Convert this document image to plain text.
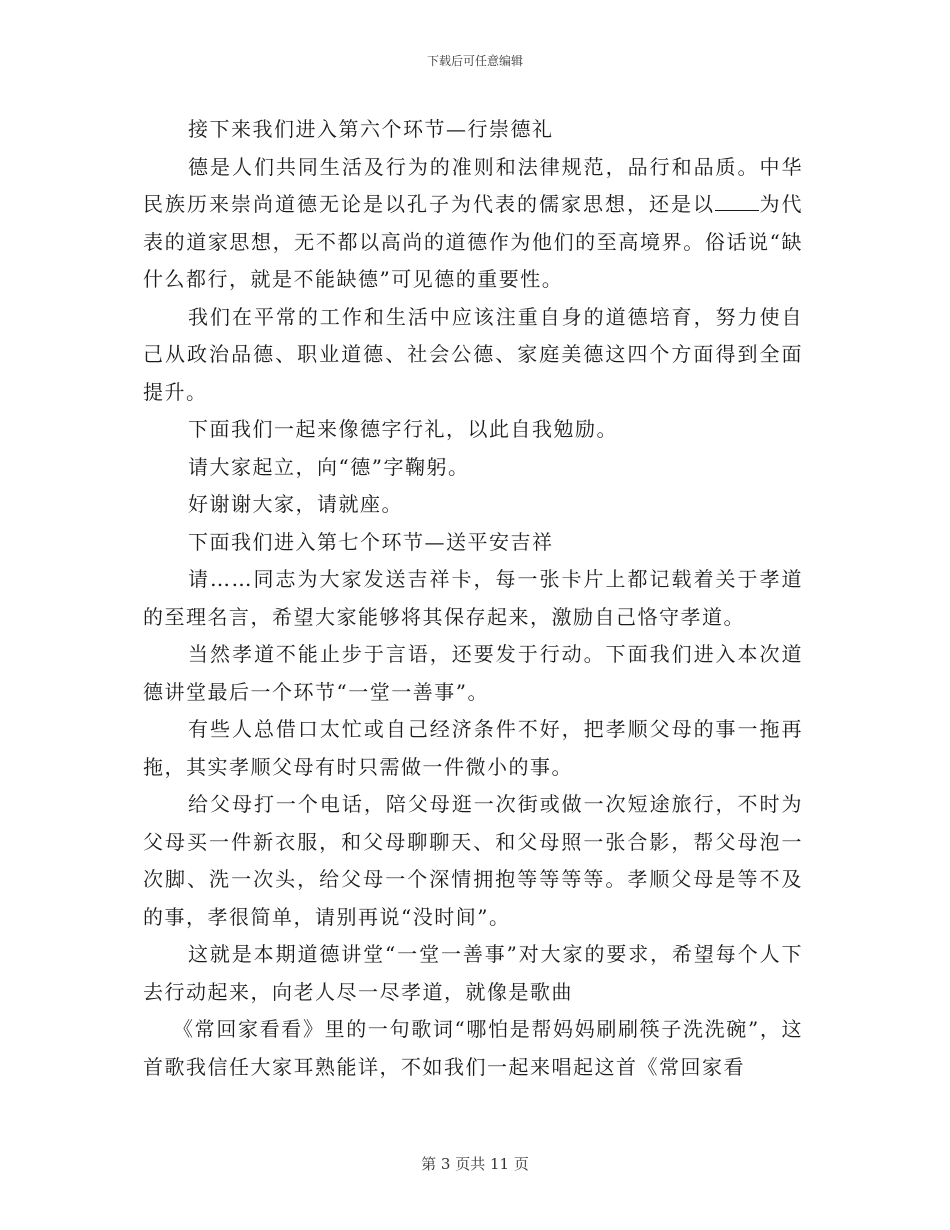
下载后可任意编辑

接下来我们进入第六个环节—行崇德礼

德是人们共同生活及行为的准则和法律规范，品行和品质。中华民族历来崇尚道德无论是以孔子为代表的儒家思想，还是以 为代表的道家思想，无不都以高尚的道德作为他们的至高境界。俗话说“缺什么都行，就是不能缺德”可见德的重要性。

我们在平常的工作和生活中应该注重自身的道德培育，努力使自己从政治品德、职业道德、社会公德、家庭美德这四个方面得到全面提升。

下面我们一起来像德字行礼，以此自我勉励。

请大家起立，向“德”字鞠躬。

好谢谢大家，请就座。

下面我们进入第七个环节—送平安吉祥

请……同志为大家发送吉祥卡，每一张卡片上都记载着关于孝道的至理名言，希望大家能够将其保存起来，激励自己恪守孝道。

当然孝道不能止步于言语，还要发于行动。下面我们进入本次道德讲堂最后一个环节“一堂一善事”。

有些人总借口太忙或自己经济条件不好，把孝顺父母的事一拖再拖，其实孝顺父母有时只需做一件微小的事。

给父母打一个电话，陪父母逛一次街或做一次短途旅行，不时为父母买一件新衣服，和父母聊聊天、和父母照一张合影，帮父母泡一次脚、洗一次头，给父母一个深情拥抱等等等等。孝顺父母是等不及的事，孝很简单，请别再说“没时间”。

这就是本期道德讲堂“一堂一善事”对大家的要求，希望每个人下去行动起来，向老人尽一尽孝道，就像是歌曲

《常回家看看》里的一句歌词“哪怕是帮妈妈刷刷筷子洗洗碗”，这首歌我信任大家耳熟能详，不如我们一起来唱起这首《常回家看

第 3 页共 11 页
